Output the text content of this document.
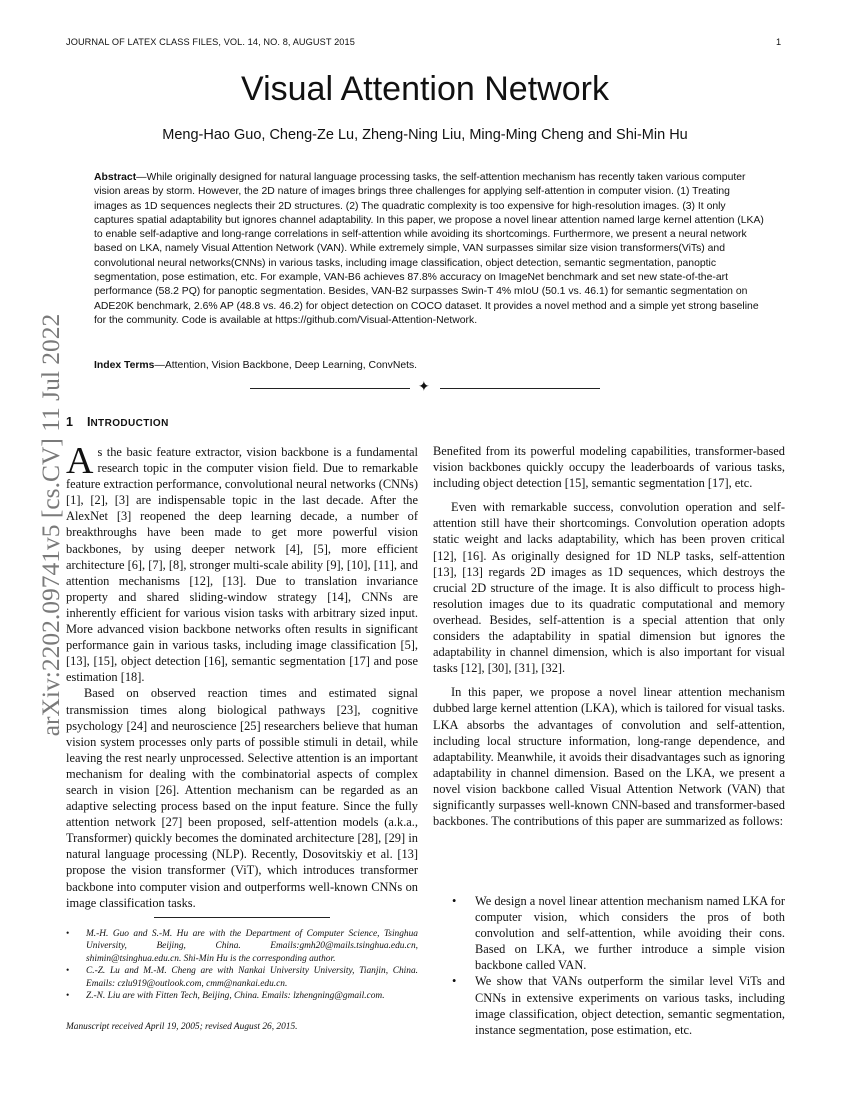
JOURNAL OF LATEX CLASS FILES, VOL. 14, NO. 8, AUGUST 2015	1
Visual Attention Network
Meng-Hao Guo, Cheng-Ze Lu, Zheng-Ning Liu, Ming-Ming Cheng and Shi-Min Hu
Abstract—While originally designed for natural language processing tasks, the self-attention mechanism has recently taken various computer vision areas by storm. However, the 2D nature of images brings three challenges for applying self-attention in computer vision. (1) Treating images as 1D sequences neglects their 2D structures. (2) The quadratic complexity is too expensive for high-resolution images. (3) It only captures spatial adaptability but ignores channel adaptability. In this paper, we propose a novel linear attention named large kernel attention (LKA) to enable self-adaptive and long-range correlations in self-attention while avoiding its shortcomings. Furthermore, we present a neural network based on LKA, namely Visual Attention Network (VAN). While extremely simple, VAN surpasses similar size vision transformers(ViTs) and convolutional neural networks(CNNs) in various tasks, including image classification, object detection, semantic segmentation, panoptic segmentation, pose estimation, etc. For example, VAN-B6 achieves 87.8% accuracy on ImageNet benchmark and set new state-of-the-art performance (58.2 PQ) for panoptic segmentation. Besides, VAN-B2 surpasses Swin-T 4% mIoU (50.1 vs. 46.1) for semantic segmentation on ADE20K benchmark, 2.6% AP (48.8 vs. 46.2) for object detection on COCO dataset. It provides a novel method and a simple yet strong baseline for the community. Code is available at https://github.com/Visual-Attention-Network.
Index Terms—Attention, Vision Backbone, Deep Learning, ConvNets.
✦
arXiv:2202.09741v5 [cs.CV] 11 Jul 2022 1 INTRODUCTION

As the basic feature extractor, vision backbone is a fundamental research topic in the computer vision field. Due to remarkable feature extraction performance, convolutional neural networks (CNNs) [1], [2], [3] are indispensable topic in the last decade. After the AlexNet [3] reopened the deep learning decade, a number of breakthroughs have been made to get more powerful vision backbones, by using deeper network [4], [5], more efficient architecture [6], [7], [8], stronger multi-scale ability [9], [10], [11], and attention mechanisms [12], [13]. Due to translation invariance property and shared sliding-window strategy [14], CNNs are inherently efficient for various vision tasks with arbitrary sized input. More advanced vision backbone networks often results in significant performance gain in various tasks, including image classification [5], [13], [15], object detection [16], semantic segmentation [17] and pose estimation [18].

Based on observed reaction times and estimated signal transmission times along biological pathways [23], cognitive psychology [24] and neuroscience [25] researchers believe that human vision system processes only parts of possible stimuli in detail, while leaving the rest nearly unprocessed. Selective attention is an important mechanism for dealing with the combinatorial aspects of complex search in vision [26]. Attention mechanism can be regarded as an adaptive selecting process based on the input feature. Since the fully attention network [27] been proposed, self-attention models (a.k.a., Transformer) quickly becomes the dominated architecture [28], [29] in natural language processing (NLP). Recently, Dosovitskiy et al. [13] propose the vision transformer (ViT), which introduces transformer backbone into computer vision and outperforms well-known CNNs on image classification tasks.

Benefited from its powerful modeling capabilities, transformer-based vision backbones quickly occupy the leaderboards of various tasks, including object detection [15], semantic segmentation [17], etc.

Even with remarkable success, convolution operation and self-attention still have their shortcomings. Convolution operation adopts static weight and lacks adaptability, which has been proven critical [12], [16]. As originally designed for 1D NLP tasks, self-attention [13], [13] regards 2D images as 1D sequences, which destroys the crucial 2D structure of the image. It is also difficult to process high-resolution images due to its quadratic computational and memory overhead. Besides, self-attention is a special attention that only considers the adaptability in spatial dimension but ignores the adaptability in channel dimension, which is also important for visual tasks [12], [30], [31], [32].

In this paper, we propose a novel linear attention mechanism dubbed large kernel attention (LKA), which is tailored for visual tasks. LKA absorbs the advantages of convolution and self-attention, including local structure information, long-range dependence, and adaptability. Meanwhile, it avoids their disadvantages such as ignoring adaptability in channel dimension. Based on the LKA, we present a novel vision backbone called Visual Attention Network (VAN) that significantly surpasses well-known CNN-based and transformer-based backbones. The contributions of this paper are summarized as follows:

• We design a novel linear attention mechanism named LKA for computer vision, which considers the pros of both convolution and self-attention, while avoiding their cons. Based on LKA, we further introduce a simple vision backbone called VAN.
• We show that VANs outperform the similar level ViTs and CNNs in extensive experiments on various tasks, including image classification, object detection, semantic segmentation, instance segmentation, pose estimation, etc.
• M.-H. Guo and S.-M. Hu are with the Department of Computer Science, Tsinghua University, Beijing, China. Emails:gmh20@mails.tsinghua.edu.cn, shimin@tsinghua.edu.cn. Shi-Min Hu is the corresponding author.
• C.-Z. Lu and M.-M. Cheng are with Nankai University University, Tianjin, China. Emails: czlu919@outlook.com, cmm@nankai.edu.cn.
• Z.-N. Liu are with Fitten Tech, Beijing, China. Emails: lzhengning@gmail.com.
Manuscript received April 19, 2005; revised August 26, 2015.
